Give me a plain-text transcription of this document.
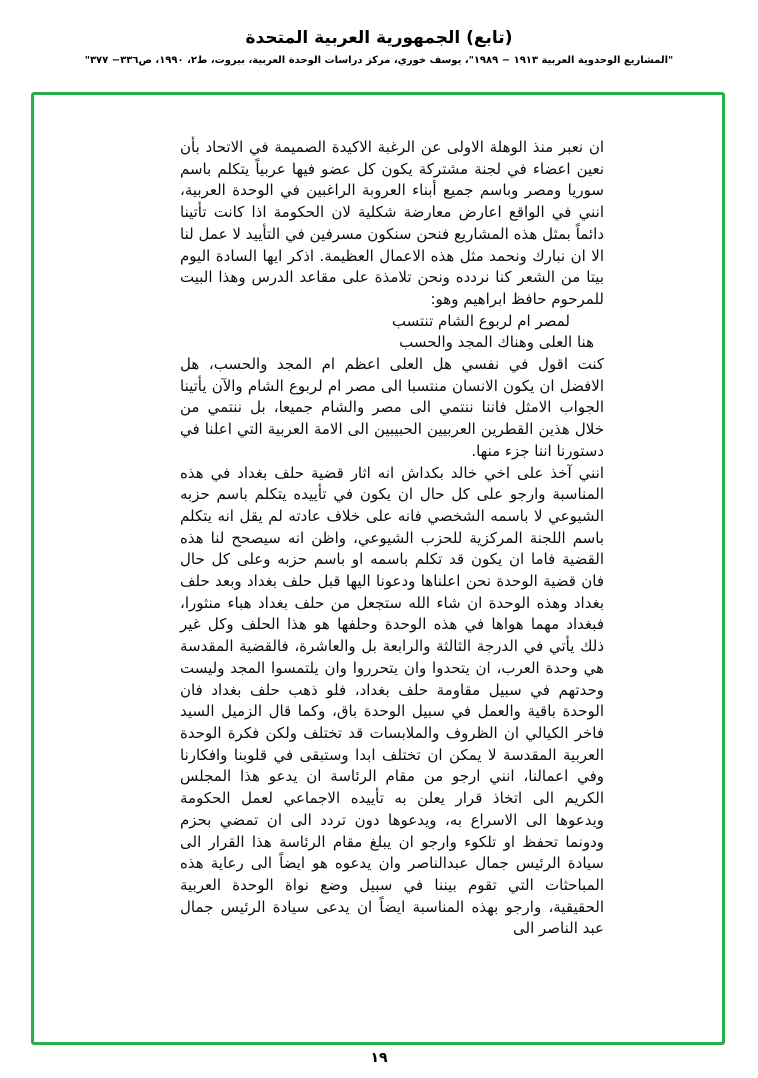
(تابع) الجمهورية العربية المتحدة
"المشاريع الوحدوية العربية ١٩١٣ − ١٩٨٩"، يوسف خوري، مركز دراسات الوحدة العربية، بيروت، ط٢، ١٩٩٠، ص٣٣٦− ٣٧٧"

ان نعبر منذ الوهلة الاولى عن الرغبة الاكيدة الصميمة في الاتحاد بأن نعين اعضاء في لجنة مشتركة يكون كل عضو فيها عربياً يتكلم باسم سوريا ومصر وباسم جميع أبناء العروبة الراغبين في الوحدة العربية، انني في الواقع اعارض معارضة شكلية لان الحكومة اذا كانت تأتينا دائماً بمثل هذه المشاريع فنحن سنكون مسرفين في التأييد لا عمل لنا الا ان نبارك ونحمد مثل هذه الاعمال العظيمة. اذكر ايها السادة اليوم بيتا من الشعر كنا نردده ونحن تلامذة على مقاعد الدرس وهذا البيت للمرحوم حافظ ابراهيم وهو:

لمصر ام لربوع الشام تنتسب

هنا العلى وهناك المجد والحسب

كنت اقول في نفسي هل العلى اعظم ام المجد والحسب، هل الافضل ان يكون الانسان منتسبا الى مصر ام لربوع الشام والآن يأتينا الجواب الامثل فاننا ننتمي الى مصر والشام جميعا، بل ننتمي من خلال هذين القطرين العربيين الحبيبين الى الامة العربية التي اعلنا في دستورنا اننا جزء منها.

انني آخذ على اخي خالد بكداش انه اثار قضية حلف بغداد في هذه المناسبة وارجو على كل حال ان يكون في تأييده يتكلم باسم حزبه الشيوعي لا باسمه الشخصي فانه على خلاف عادته لم يقل انه يتكلم باسم اللجنة المركزية للحزب الشيوعي، واظن انه سيصحح لنا هذه القضية فاما ان يكون قد تكلم باسمه او باسم حزبه وعلى كل حال فان قضية الوحدة نحن اعلناها ودعونا اليها قبل حلف بغداد وبعد حلف بغداد وهذه الوحدة ان شاء الله ستجعل من حلف بغداد هباء منثورا، فبغداد مهما هواها في هذه الوحدة وحلفها هو هذا الحلف وكل غير ذلك يأتي في الدرجة الثالثة والرابعة بل والعاشرة، فالقضية المقدسة هي وحدة العرب، ان يتحدوا وان يتحرروا وان يلتمسوا المجد وليست وحدتهم في سبيل مقاومة حلف بغداد، فلو ذهب حلف بغداد فان الوحدة باقية والعمل في سبيل الوحدة باق، وكما قال الزميل السيد فاخر الكيالي ان الظروف والملابسات قد تختلف ولكن فكرة الوحدة العربية المقدسة لا يمكن ان تختلف ابدا وستبقى في قلوبنا وافكارنا وفي اعمالنا، انني ارجو من مقام الرئاسة ان يدعو هذا المجلس الكريم الى اتخاذ قرار يعلن به تأييده الاجماعي لعمل الحكومة ويدعوها الى الاسراع به، ويدعوها دون تردد الى ان تمضي بحزم ودونما تحفظ او تلكوء وارجو ان يبلغ مقام الرئاسة هذا القرار الى سيادة الرئيس جمال عبدالناصر وان يدعوه هو ايضاً الى رعاية هذه المباحثات التي تقوم بيننا في سبيل وضع نواة الوحدة العربية الحقيقية، وارجو بهذه المناسبة ايضاً ان يدعى سيادة الرئيس جمال عبد الناصر الى

١٩
